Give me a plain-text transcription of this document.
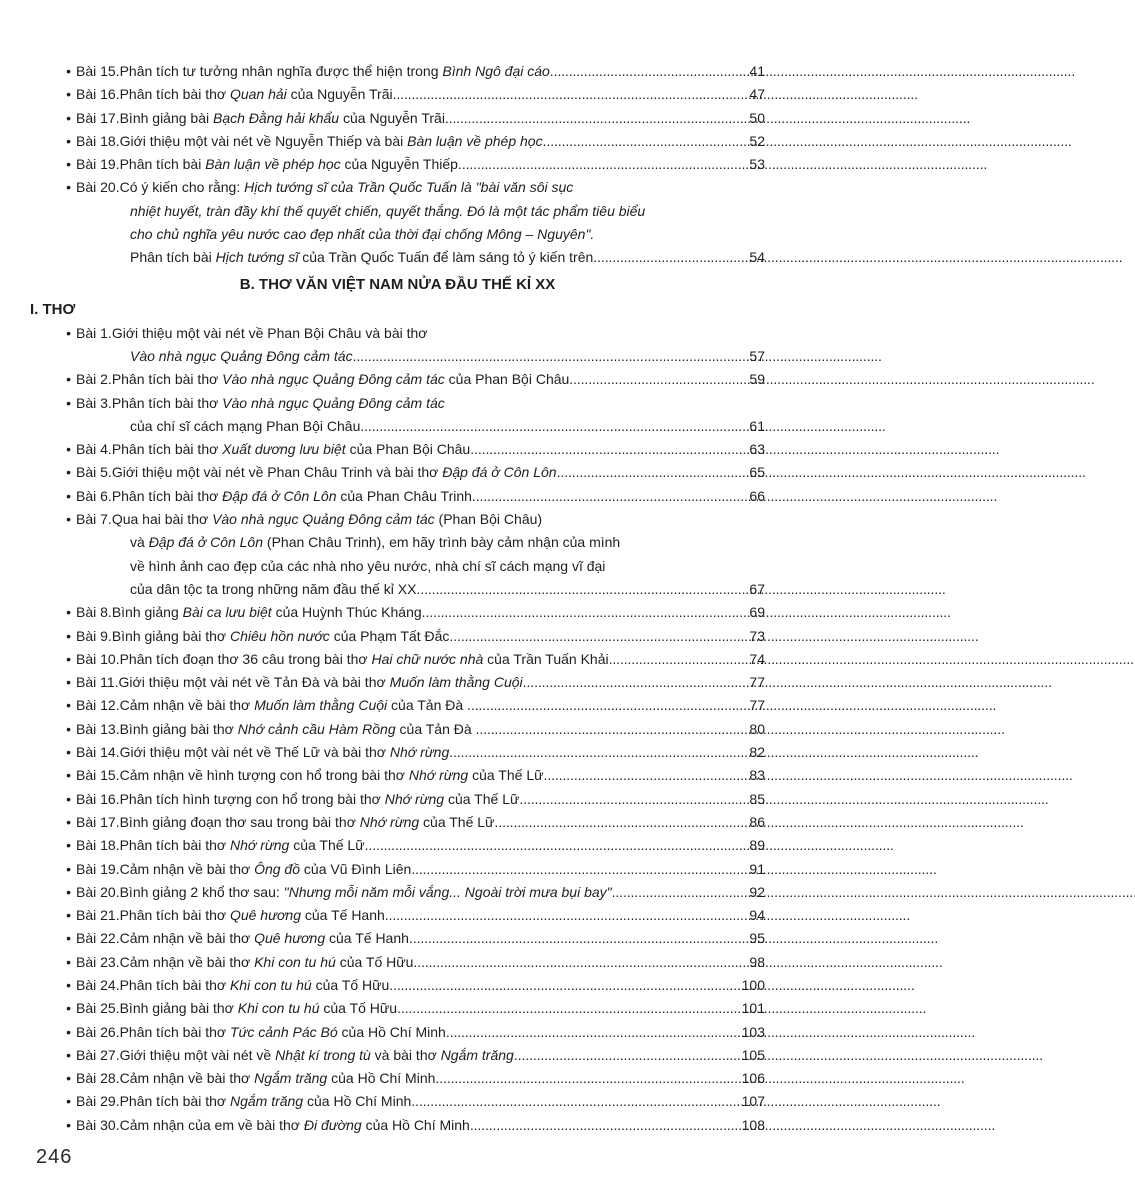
• Bài 15. Phân tích tư tưởng nhân nghĩa được thể hiện trong Bình Ngô đại cáo . . .	41
• Bài 16. Phân tích bài thơ Quan hải của Nguyễn Trãi . . .	47
• Bài 17. Bình giảng bài Bạch Đằng hải khẩu của Nguyễn Trãi . . .	50
• Bài 18. Giới thiệu một vài nét về Nguyễn Thiếp và bài Bàn luận về phép học. . . .	52
• Bài 19. Phân tích bài Bàn luận về phép học của Nguyễn Thiếp. . . .	53
• Bài 20. Có ý kiến cho rằng: Hịch tướng sĩ của Trần Quốc Tuấn là "bài văn sôi sục
nhiệt huyết, tràn đầy khí thế quyết chiến, quyết thắng. Đó là một tác phẩm tiêu biểu
cho chủ nghĩa yêu nước cao đẹp nhất của thời đại chống Mông – Nguyên".
Phân tích bài Hịch tướng sĩ của Trần Quốc Tuấn để làm sáng tỏ ý kiến trên. . . .	54
B. THƠ VĂN VIỆT NAM NỬA ĐẦU THẾ KỈ XX
I. THƠ
• Bài 1. Giới thiệu một vài nét về Phan Bội Châu và bài thơ
Vào nhà ngục Quảng Đông cảm tác. . . .	57
• Bài 2. Phân tích bài thơ Vào nhà ngục Quảng Đông cảm tác của Phan Bội Châu . . .	59
• Bài 3. Phân tích bài thơ Vào nhà ngục Quảng Đông cảm tác
của chí sĩ cách mạng Phan Bội Châu . . .	61
• Bài 4. Phân tích bài thơ Xuất dương lưu biệt của Phan Bội Châu. . . .	63
• Bài 5. Giới thiệu một vài nét về Phan Châu Trinh và bài thơ Đập đá ở Côn Lôn. . . .	65
• Bài 6. Phân tích bài thơ Đập đá ở Côn Lôn của Phan Châu Trinh . . .	66
• Bài 7. Qua hai bài thơ Vào nhà ngục Quảng Đông cảm tác (Phan Bội Châu)
và Đập đá ở Côn Lôn (Phan Châu Trinh), em hãy trình bày cảm nhận của mình
về hình ảnh cao đẹp của các nhà nho yêu nước, nhà chí sĩ cách mạng vĩ đại
của dân tộc ta trong những năm đầu thế kỉ XX. . . .	67
• Bài 8. Bình giảng Bài ca lưu biệt của Huỳnh Thúc Kháng. . . .	69
• Bài 9. Bình giảng bài thơ Chiêu hồn nước của Phạm Tất Đắc. . . .	73
• Bài 10. Phân tích đoạn thơ 36 câu trong bài thơ Hai chữ nước nhà của Trần Tuấn Khải . . .	74
• Bài 11. Giới thiệu một vài nét về Tản Đà và bài thơ Muốn làm thằng Cuội. . . .	77
• Bài 12. Cảm nhận về bài thơ Muốn làm thằng Cuội của Tản Đà . . . .	77
• Bài 13. Bình giảng bài thơ Nhớ cảnh cầu Hàm Rồng của Tản Đà . . . .	80
• Bài 14. Giới thiệu một vài nét về Thế Lữ và bài thơ Nhớ rừng. . . .	82
• Bài 15. Cảm nhận về hình tượng con hổ trong bài thơ Nhớ rừng của Thế Lữ. . . .	83
• Bài 16. Phân tích hình tượng con hổ trong bài thơ Nhớ rừng của Thế Lữ. . . .	85
• Bài 17. Bình giảng đoạn thơ sau trong bài thơ Nhớ rừng của Thế Lữ. . . .	86
• Bài 18. Phân tích bài thơ Nhớ rừng của Thế Lữ. . . .	89
• Bài 19. Cảm nhận về bài thơ Ông đồ của Vũ Đình Liên . . .	91
• Bài 20. Bình giảng 2 khổ thơ sau: "Nhưng mỗi năm mỗi vắng... Ngoài trời mưa bụi bay" . . .	92
• Bài 21. Phân tích bài thơ Quê hương của Tế Hanh . . .	94
• Bài 22. Cảm nhận về bài thơ Quê hương của Tế Hanh. . . .	95
• Bài 23. Cảm nhận về bài thơ Khi con tu hú của Tố Hữu. . . .	98
• Bài 24. Phân tích bài thơ Khi con tu hú của Tố Hữu . . .	100
• Bài 25. Bình giảng bài thơ Khi con tu hú của Tố Hữu. . . .	101
• Bài 26. Phân tích bài thơ Tức cảnh Pác Bó của Hồ Chí Minh. . . .	103
• Bài 27. Giới thiệu một vài nét về Nhật kí trong tù và bài thơ Ngắm trăng. . . .	105
• Bài 28. Cảm nhận về bài thơ Ngắm trăng của Hồ Chí Minh. . . .	106
• Bài 29. Phân tích bài thơ Ngắm trăng của Hồ Chí Minh. . . .	107
• Bài 30. Cảm nhận của em về bài thơ Đi đường của Hồ Chí Minh . . .	108
246
